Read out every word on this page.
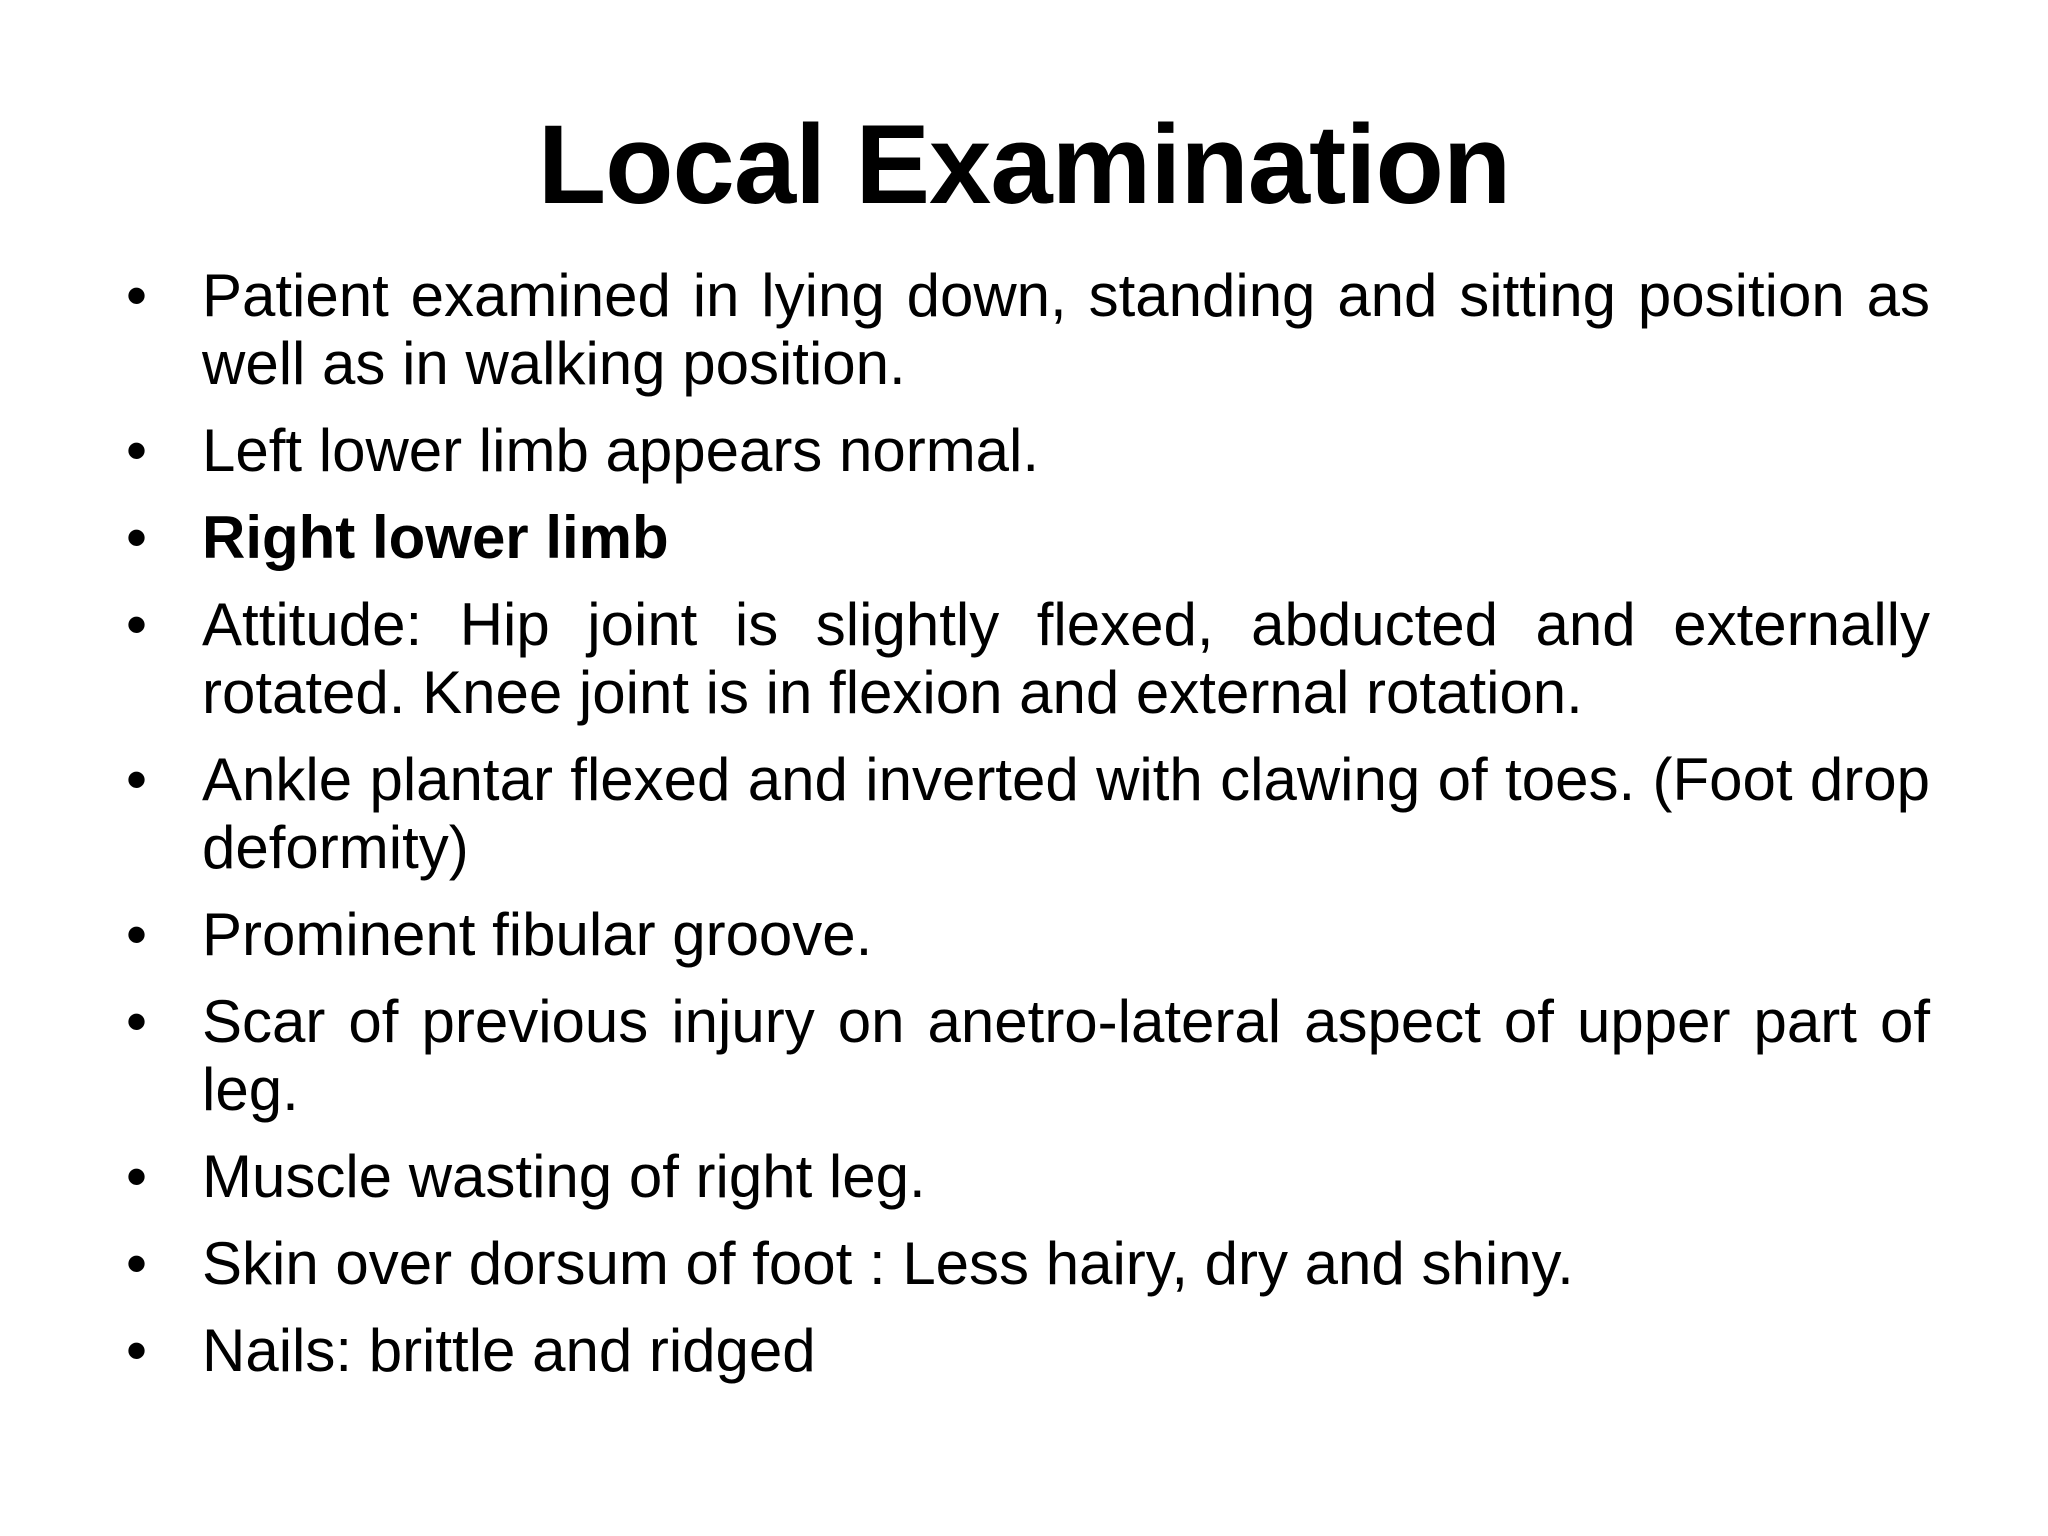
Local Examination
• Patient examined in lying down, standing and sitting position as well as in walking position.
• Left lower limb appears normal.
• Right lower limb
• Attitude: Hip joint is slightly flexed, abducted and externally rotated. Knee joint is in flexion and external rotation.
• Ankle plantar flexed and inverted with clawing of toes. (Foot drop deformity)
• Prominent fibular groove.
• Scar of previous injury on anetro-lateral aspect of upper part of leg.
• Muscle wasting of right leg.
• Skin over dorsum of foot : Less hairy, dry and shiny.
• Nails: brittle and ridged
